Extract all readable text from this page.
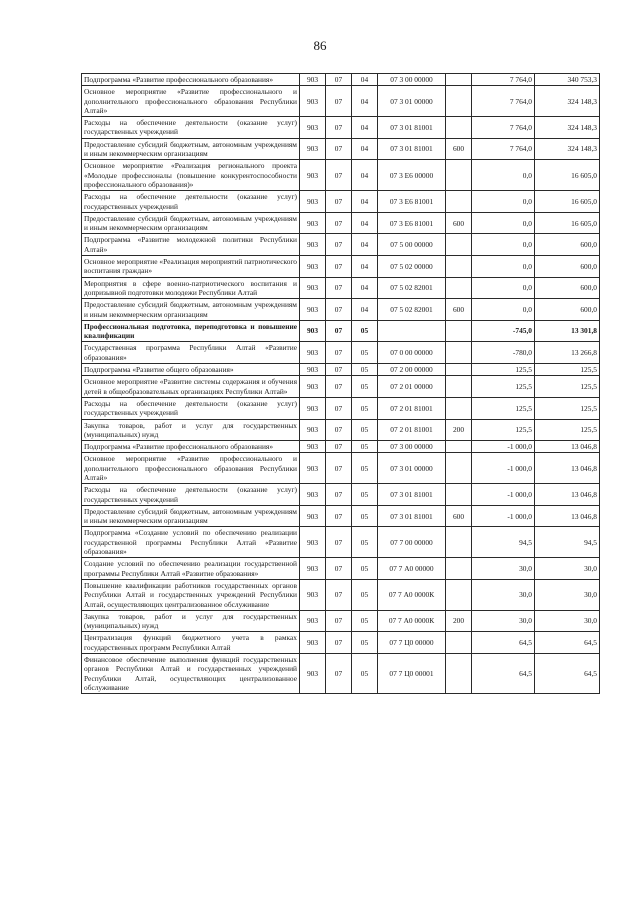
86
Подпрограмма «Развитие профессионального образования»	903	07	04	07 3 00 00000		7 764,0	340 753,3
Основное мероприятие «Развитие профессионального и дополнительного профессионального образования Республики Алтай»	903	07	04	07 3 01 00000		7 764,0	324 148,3
Расходы на обеспечение деятельности (оказание услуг) государственных учреждений	903	07	04	07 3 01 81001		7 764,0	324 148,3
Предоставление субсидий бюджетным, автономным учреждениям и иным некоммерческим организациям	903	07	04	07 3 01 81001	600	7 764,0	324 148,3
Основное мероприятие «Реализация регионального проекта «Молодые профессионалы (повышение конкурентоспособности профессионального образования)»	903	07	04	07 3 E6 00000		0,0	16 605,0
Расходы на обеспечение деятельности (оказание услуг) государственных учреждений	903	07	04	07 3 E6 81001		0,0	16 605,0
Предоставление субсидий бюджетным, автономным учреждениям и иным некоммерческим организациям	903	07	04	07 3 E6 81001	600	0,0	16 605,0
Подпрограмма «Развитие молодежной политики Республики Алтай»	903	07	04	07 5 00 00000		0,0	600,0
Основное мероприятие «Реализация мероприятий патриотического воспитания граждан»	903	07	04	07 5 02 00000		0,0	600,0
Мероприятия в сфере военно-патриотического воспитания и допризывной подготовки молодежи Республики Алтай	903	07	04	07 5 02 82001		0,0	600,0
Предоставление субсидий бюджетным, автономным учреждениям и иным некоммерческим организациям	903	07	04	07 5 02 82001	600	0,0	600,0
Профессиональная подготовка, переподготовка и повышение квалификации	903	07	05			-745,0	13 301,8
Государственная программа Республики Алтай «Развитие образования»	903	07	05	07 0 00 00000		-780,0	13 266,8
Подпрограмма «Развитие общего образования»	903	07	05	07 2 00 00000		125,5	125,5
Основное мероприятие «Развитие системы содержания и обучения детей в общеобразовательных организациях Республики Алтай»	903	07	05	07 2 01 00000		125,5	125,5
Расходы на обеспечение деятельности (оказание услуг) государственных учреждений	903	07	05	07 2 01 81001		125,5	125,5
Закупка товаров, работ и услуг для государственных (муниципальных) нужд	903	07	05	07 2 01 81001	200	125,5	125,5
Подпрограмма «Развитие профессионального образования»	903	07	05	07 3 00 00000		-1 000,0	13 046,8
Основное мероприятие «Развитие профессионального и дополнительного профессионального образования Республики Алтай»	903	07	05	07 3 01 00000		-1 000,0	13 046,8
Расходы на обеспечение деятельности (оказание услуг) государственных учреждений	903	07	05	07 3 01 81001		-1 000,0	13 046,8
Предоставление субсидий бюджетным, автономным учреждениям и иным некоммерческим организациям	903	07	05	07 3 01 81001	600	-1 000,0	13 046,8
Подпрограмма «Создание условий по обеспечению реализации государственной программы Республики Алтай «Развитие образования»	903	07	05	07 7 00 00000		94,5	94,5
Создание условий по обеспечению реализации государственной программы Республики Алтай «Развитие образования»	903	07	05	07 7 А0 00000		30,0	30,0
Повышение квалификации работников государственных органов Республики Алтай и государственных учреждений Республики Алтай, осуществляющих централизованное обслуживание	903	07	05	07 7 А0 0000К		30,0	30,0
Закупка товаров, работ и услуг для государственных (муниципальных) нужд	903	07	05	07 7 А0 0000К	200	30,0	30,0
Централизация функций бюджетного учета в рамках государственных программ Республики Алтай	903	07	05	07 7 Ц0 00000		64,5	64,5
Финансовое обеспечение выполнения функций государственных органов Республики Алтай и государственных учреждений Республики Алтай, осуществляющих централизованное обслуживание	903	07	05	07 7 Ц0 00001		64,5	64,5
